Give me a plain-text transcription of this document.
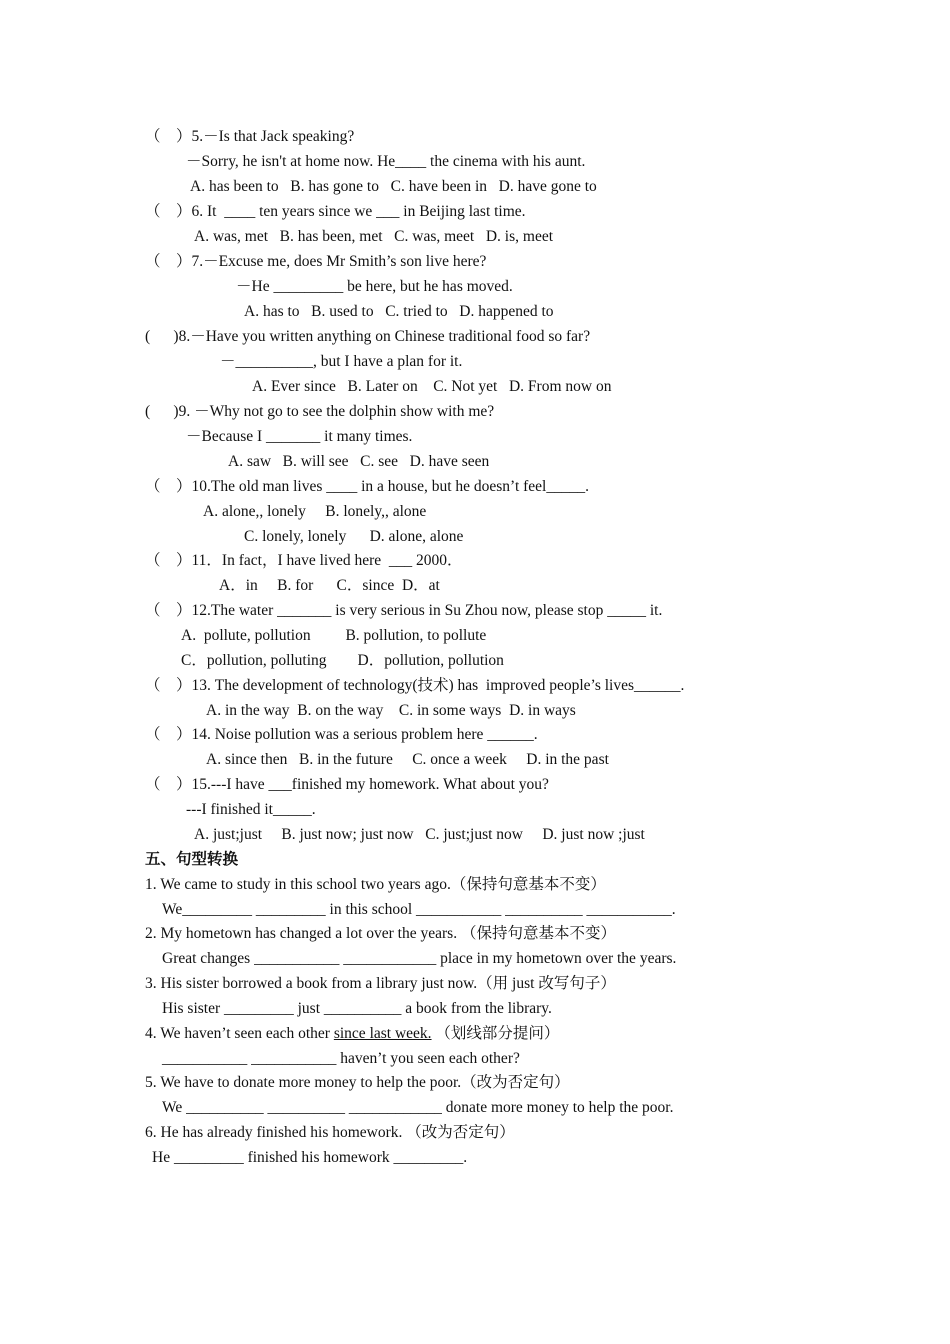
（    ）5.－Is that Jack speaking?
－Sorry, he isn't at home now. He____ the cinema with his aunt.
A. has been to   B. has gone to   C. have been in   D. have gone to
（    ）6. It  ____ ten years since we ___ in Beijing last time.
A. was, met   B. has been, met   C. was, meet   D. is, meet
（    ）7.－Excuse me, does Mr Smith’s son live here?
－He _________ be here, but he has moved.
A. has to   B. used to   C. tried to   D. happened to
(      )8.－Have you written anything on Chinese traditional food so far?
－__________, but I have a plan for it.
A. Ever since   B. Later on    C. Not yet   D. From now on
(      )9. －Why not go to see the dolphin show with me?
－Because I _______ it many times.
A. saw   B. will see   C. see   D. have seen
（    ）10.The old man lives ____ in a house, but he doesn’t feel_____.
A. alone,, lonely     B. lonely,, alone
C. lonely, lonely      D. alone, alone
（    ）11．In fact，I have lived here  ___ 2000．
A．in     B. for      C．since  D．at
（    ）12.The water _______ is very serious in Su Zhou now, please stop _____ it.
A.  pollute, pollution         B. pollution, to pollute
C．pollution, polluting        D．pollution, pollution
（    ）13. The development of technology(技术) has  improved people’s lives______.
A. in the way  B. on the way    C. in some ways  D. in ways
（    ）14. Noise pollution was a serious problem here ______.
A. since then   B. in the future     C. once a week     D. in the past
（    ）15.---I have ___finished my homework. What about you?
---I finished it_____.
A. just;just     B. just now; just now   C. just;just now     D. just now ;just
五、句型转换
1. We came to study in this school two years ago.（保持句意基本不变）
We_________ _________ in this school ___________ __________ ___________.
2. My hometown has changed a lot over the years. （保持句意基本不变）
Great changes ___________ ____________ place in my hometown over the years.
3. His sister borrowed a book from a library just now.（用 just 改写句子）
His sister _________ just __________ a book from the library.
4. We haven’t seen each other since last week. （划线部分提问）
___________ ___________ haven’t you seen each other?
5. We have to donate more money to help the poor.（改为否定句）
We __________ __________ ____________ donate more money to help the poor.
6. He has already finished his homework. （改为否定句）
He _________ finished his homework _________.
